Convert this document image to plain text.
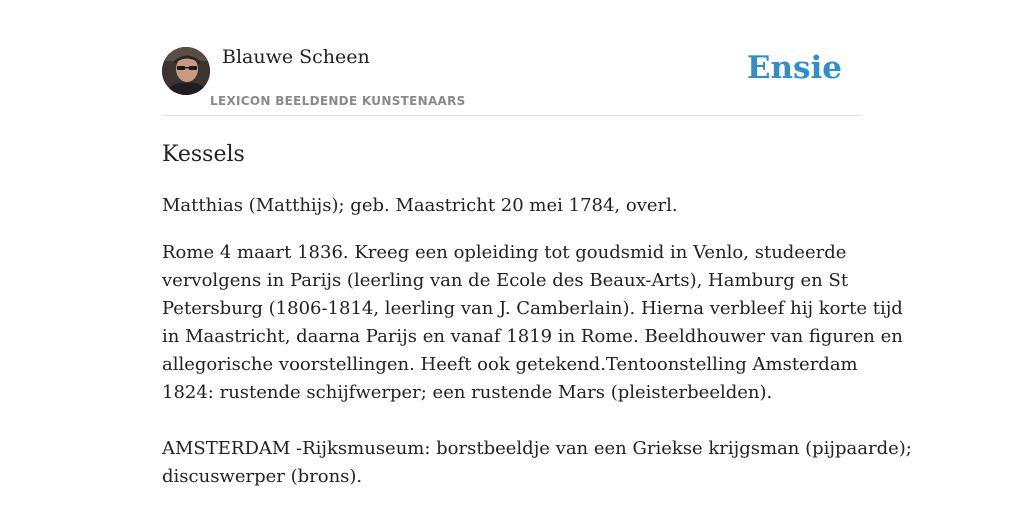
Blauwe Scheen
LEXICON BEELDENDE KUNSTENAARS
Ensie
Kessels

Matthias (Matthijs); geb. Maastricht 20 mei 1784, overl.

Rome 4 maart 1836. Kreeg een opleiding tot goudsmid in Venlo, studeerde
vervolgens in Parijs (leerling van de Ecole des Beaux-Arts), Hamburg en St
Petersburg (1806-1814, leerling van J. Camberlain). Hierna verbleef hij korte tijd
in Maastricht, daarna Parijs en vanaf 1819 in Rome. Beeldhouwer van figuren en
allegorische voorstellingen. Heeft ook getekend.Tentoonstelling Amsterdam
1824: rustende schijfwerper; een rustende Mars (pleisterbeelden).
AMSTERDAM -Rijksmuseum: borstbeeldje van een Griekse krijgsman (pijpaarde);
discuswerper (brons).
